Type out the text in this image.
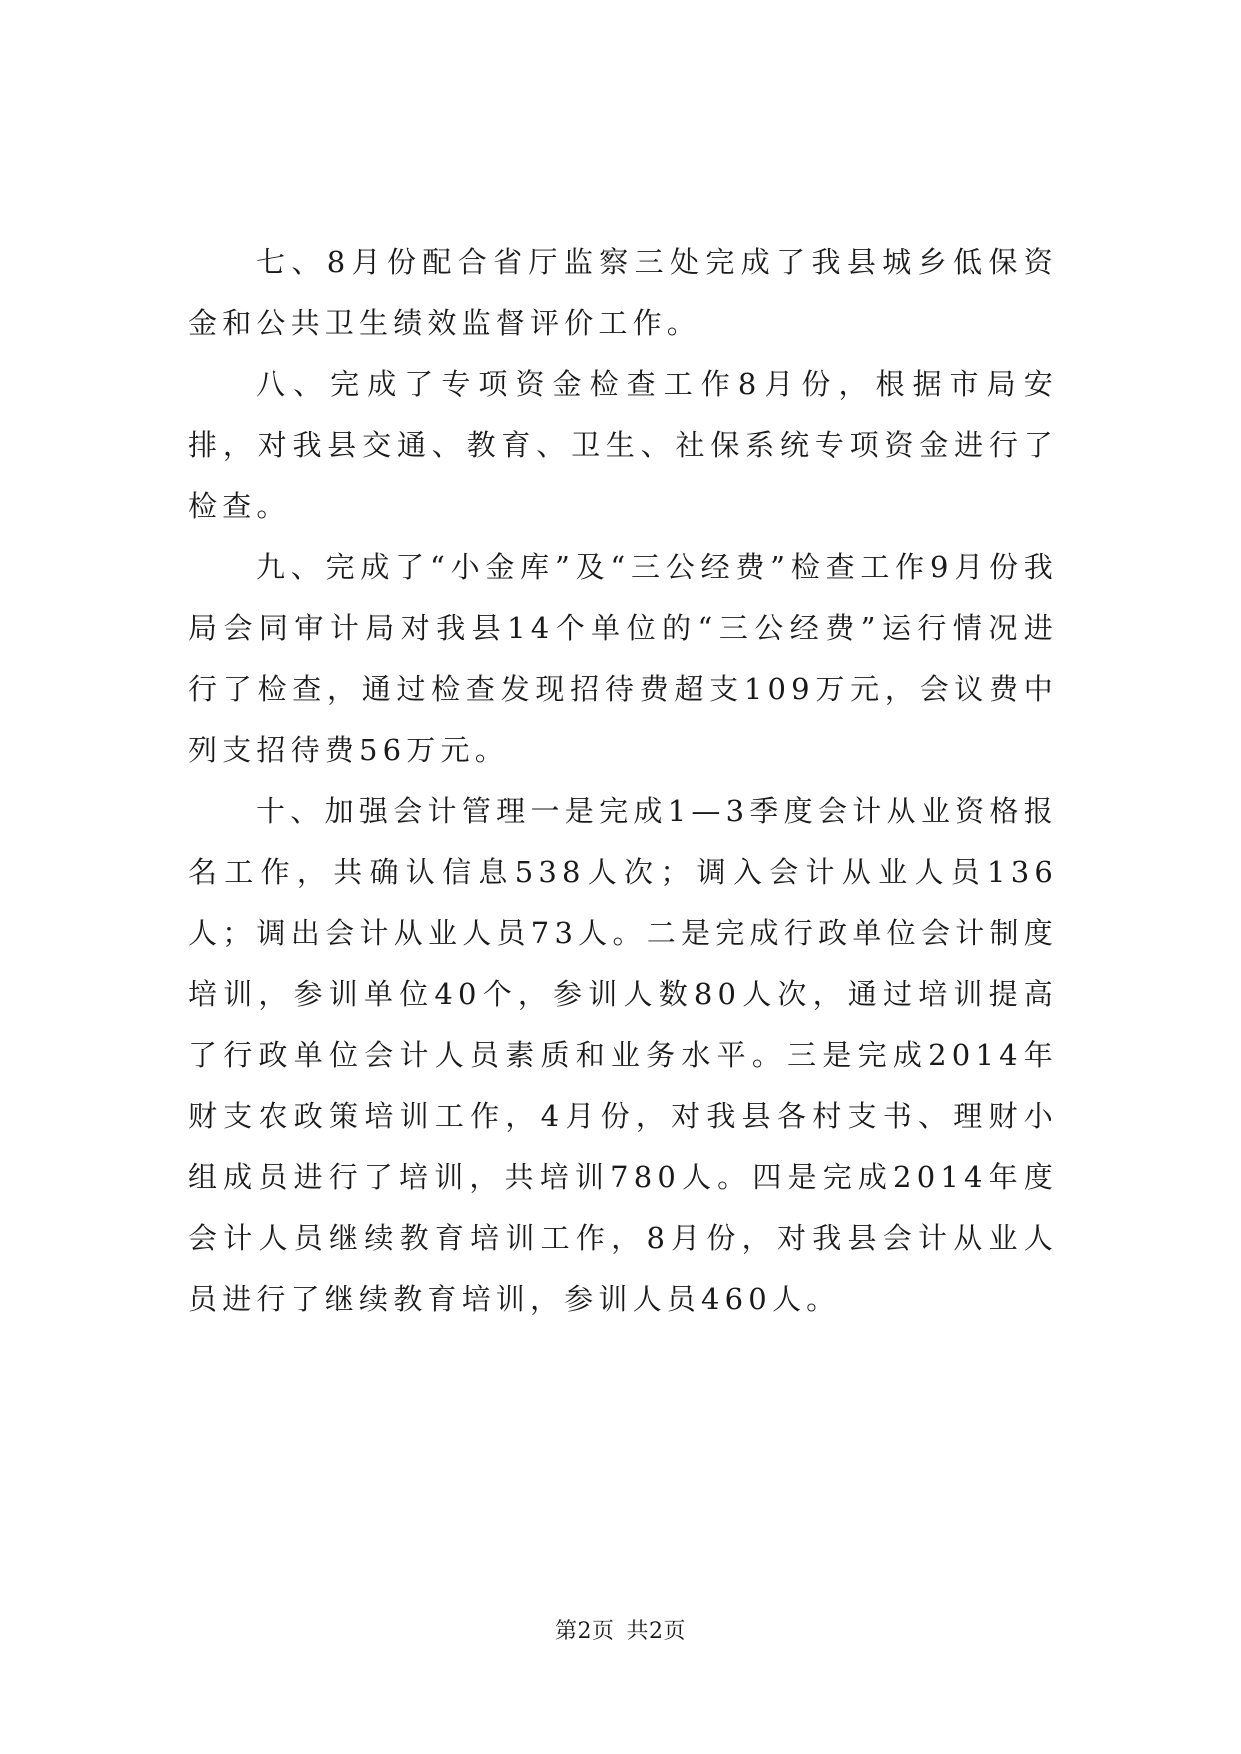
七、8月份配合省厅监察三处完成了我县城乡低保资金和公共卫生绩效监督评价工作。

八、完成了专项资金检查工作8月份，根据市局安排，对我县交通、教育、卫生、社保系统专项资金进行了检查。

九、完成了“小金库”及“三公经费”检查工作9月份我局会同审计局对我县14个单位的“三公经费”运行情况进行了检查，通过检查发现招待费超支109万元，会议费中列支招待费56万元。

十、加强会计管理一是完成1—3季度会计从业资格报名工作，共确认信息538人次；调入会计从业人员136人；调出会计从业人员73人。二是完成行政单位会计制度培训，参训单位40个，参训人数80人次，通过培训提高了行政单位会计人员素质和业务水平。三是完成2014年财支农政策培训工作，4月份，对我县各村支书、理财小组成员进行了培训，共培训780人。四是完成2014年度会计人员继续教育培训工作，8月份，对我县会计从业人员进行了继续教育培训，参训人员460人。

第2页 共2页
